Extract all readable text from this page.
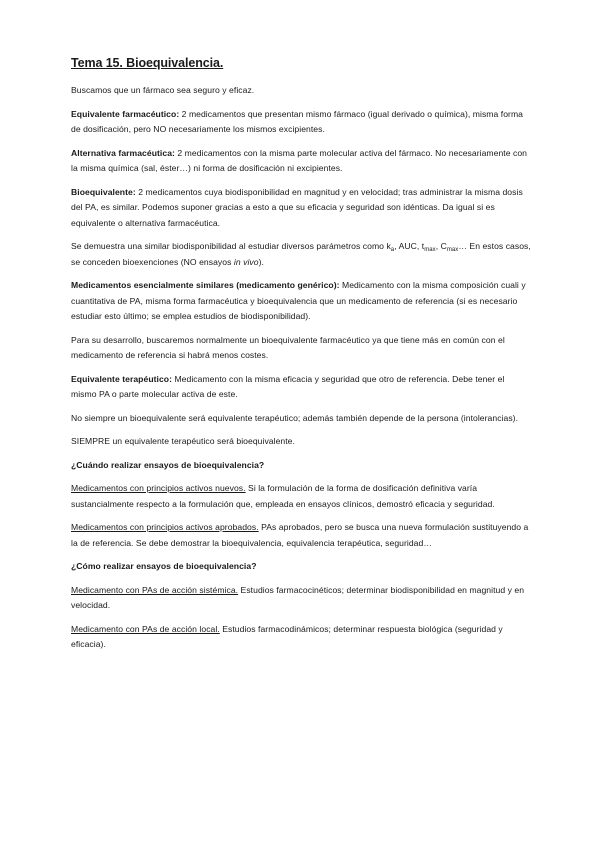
Tema 15. Bioequivalencia.

Buscamos que un fármaco sea seguro y eficaz.

Equivalente farmacéutico: 2 medicamentos que presentan mismo fármaco (igual derivado o química), misma forma de dosificación, pero NO necesariamente los mismos excipientes.

Alternativa farmacéutica: 2 medicamentos con la misma parte molecular activa del fármaco. No necesariamente con la misma química (sal, éster…) ni forma de dosificación ni excipientes.

Bioequivalente: 2 medicamentos cuya biodisponibilidad en magnitud y en velocidad; tras administrar la misma dosis del PA, es similar. Podemos suponer gracias a esto a que su eficacia y seguridad son idénticas. Da igual si es equivalente o alternativa farmacéutica.

Se demuestra una similar biodisponibilidad al estudiar diversos parámetros como $k_a$, AUC, $t_{max}$, $C_{max}\dots$ En estos casos, se conceden bioexenciones (NO ensayos in vivo).

Medicamentos esencialmente similares (medicamento genérico): Medicamento con la misma composición cuali y cuantitativa de PA, misma forma farmacéutica y bioequivalencia que un medicamento de referencia (si es necesario estudiar esto último; se emplea estudios de biodisponibilidad).

Para su desarrollo, buscaremos normalmente un bioequivalente farmacéutico ya que tiene más en común con el medicamento de referencia si habrá menos costes.

Equivalente terapéutico: Medicamento con la misma eficacia y seguridad que otro de referencia. Debe tener el mismo PA o parte molecular activa de este.

No siempre un bioequivalente será equivalente terapéutico; además también depende de la persona (intolerancias).

SIEMPRE un equivalente terapéutico será bioequivalente.

¿Cuándo realizar ensayos de bioequivalencia?

Medicamentos con principios activos nuevos. Si la formulación de la forma de dosificación definitiva varía sustancialmente respecto a la formulación que, empleada en ensayos clínicos, demostró eficacia y seguridad.

Medicamentos con principios activos aprobados. PAs aprobados, pero se busca una nueva formulación sustituyendo a la de referencia. Se debe demostrar la bioequivalencia, equivalencia terapéutica, seguridad…

¿Cómo realizar ensayos de bioequivalencia?

Medicamento con PAs de acción sistémica. Estudios farmacocinéticos; determinar biodisponibilidad en magnitud y en velocidad.

Medicamento con PAs de acción local. Estudios farmacodinámicos; determinar respuesta biológica (seguridad y eficacia).
